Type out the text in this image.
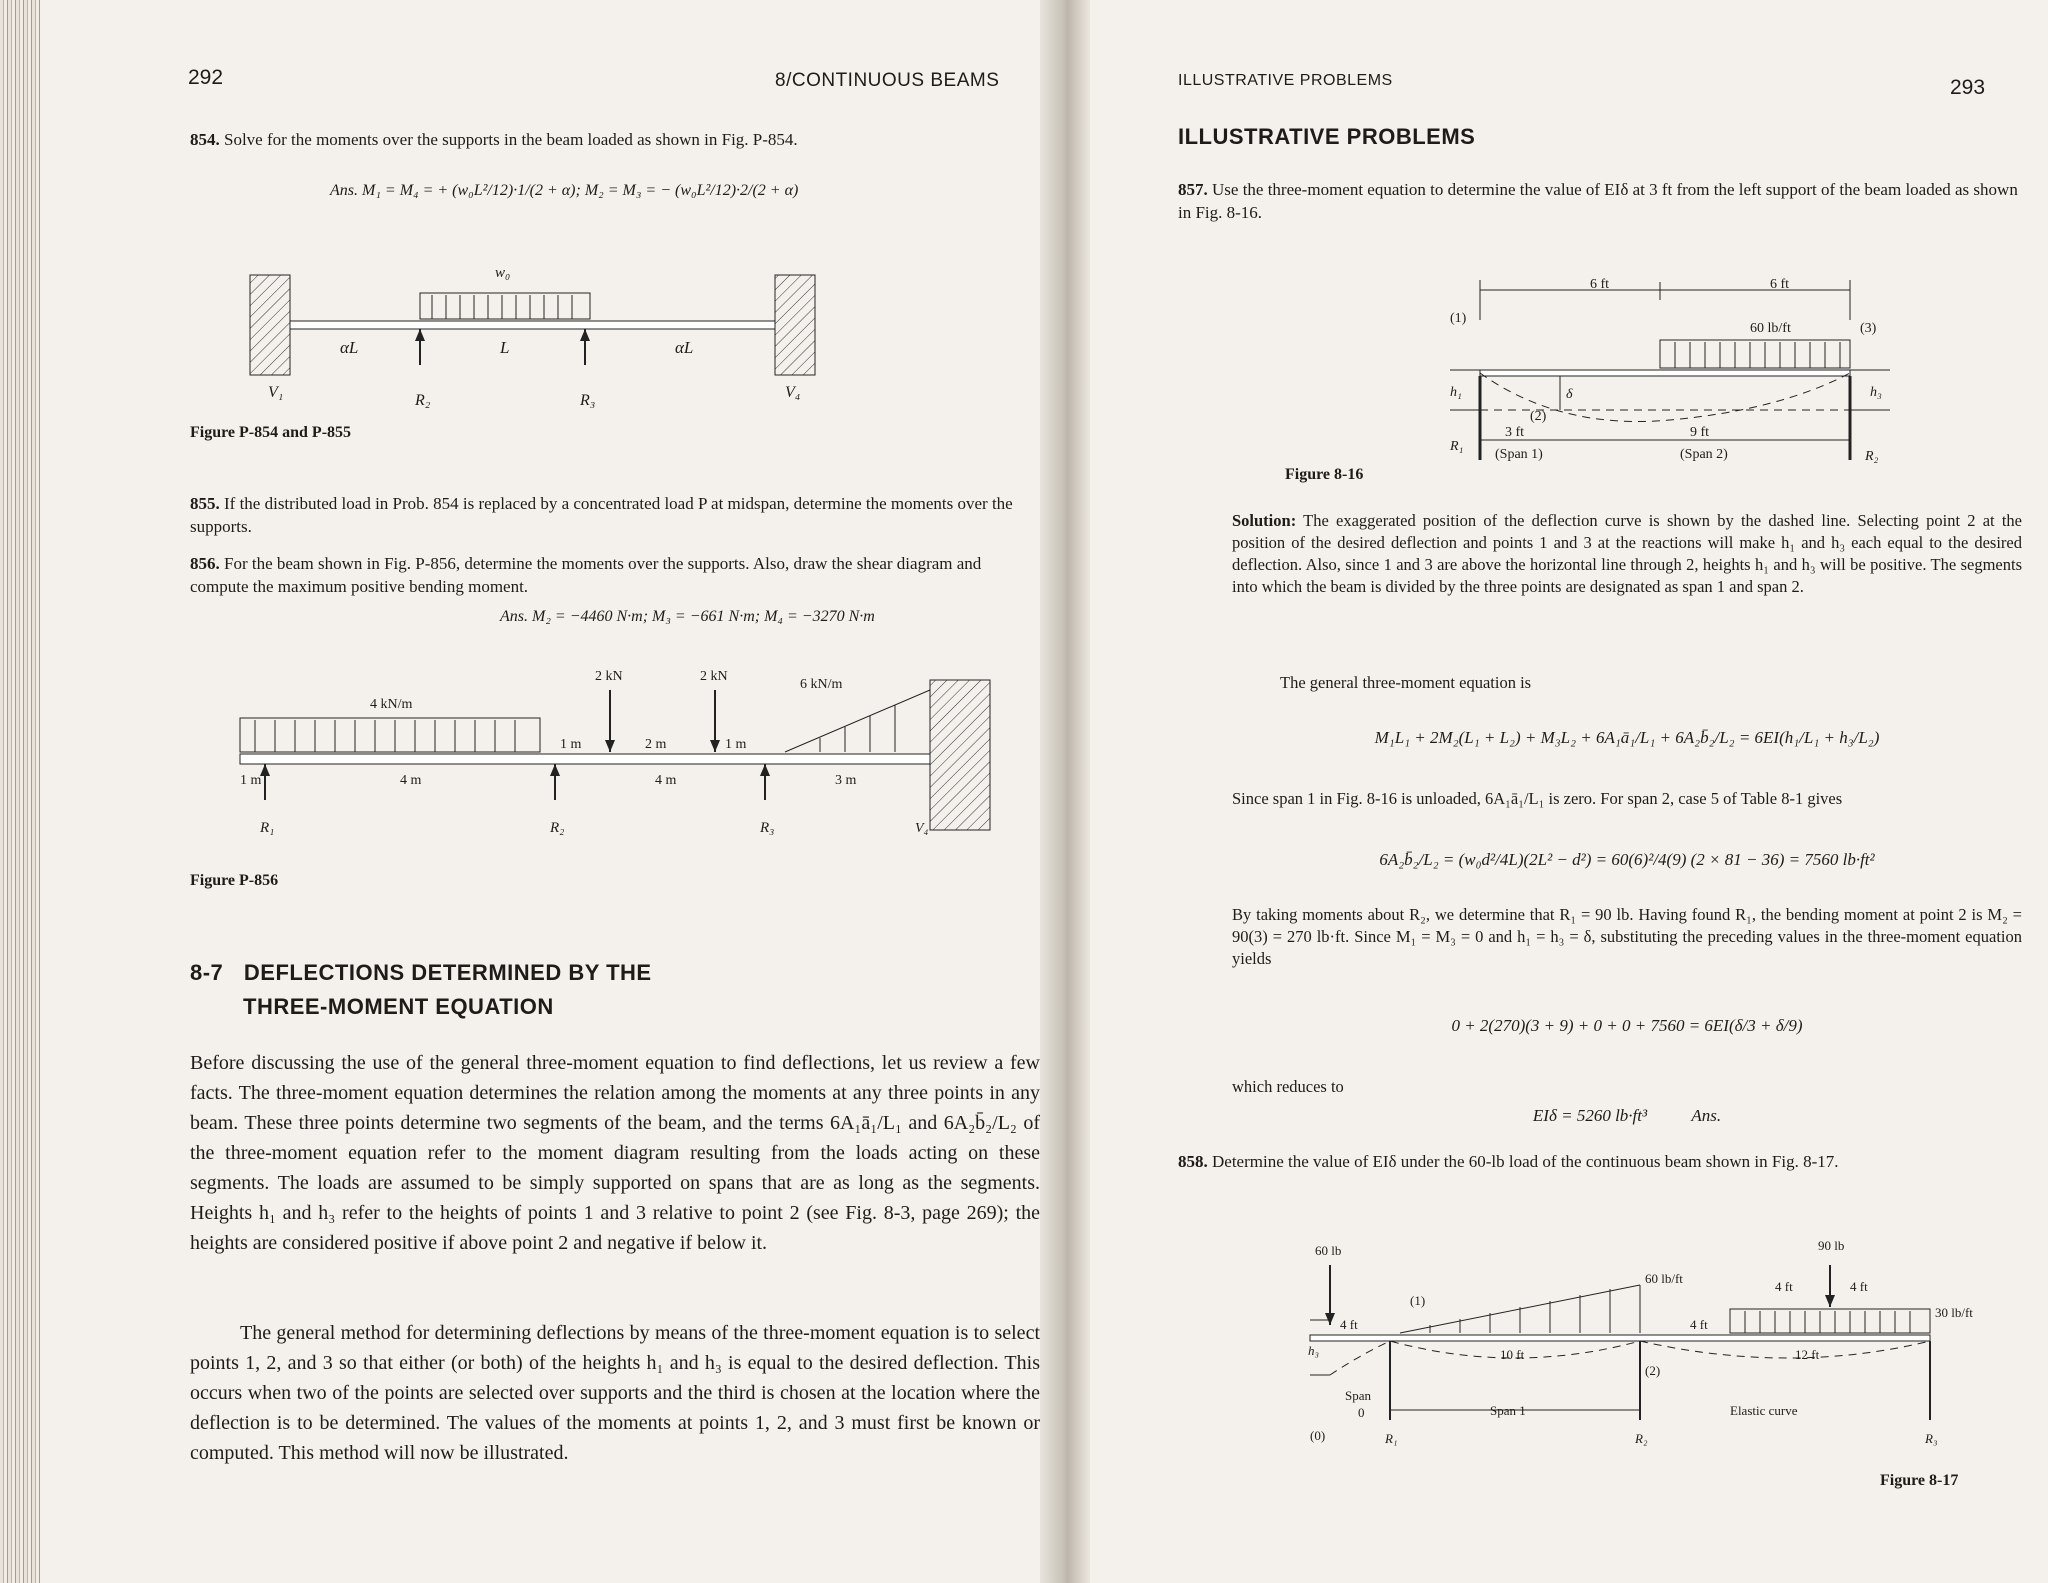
292	8/CONTINUOUS BEAMS
854. Solve for the moments over the supports in the beam loaded as shown in Fig. P-854.
Ans. M₁ = M₄ = + (w₀L²/12)·1/(2 + α); M₂ = M₃ = − (w₀L²/12)·2/(2 + α)
w₀
αL	L	αL
V₁	R₂	R₃	V₄
Figure P-854 and P-855
855. If the distributed load in Prob. 854 is replaced by a concentrated load P at midspan, determine the moments over the supports.
856. For the beam shown in Fig. P-856, determine the moments over the supports. Also, draw the shear diagram and compute the maximum positive bending moment.
Ans. M₂ = −4460 N·m; M₃ = −661 N·m; M₄ = −3270 N·m
4 kN/m
2 kN	2 kN
6 kN/m
1 m	2 m	1 m
1 m	4 m	4 m	3 m
R₁	R₂	R₃	V₄
Figure P-856
8-7 DEFLECTIONS DETERMINED BY THE
THREE-MOMENT EQUATION
Before discussing the use of the general three-moment equation to find deflections, let us review a few facts. The three-moment equation determines the relation among the moments at any three points in any beam. These three points determine two segments of the beam, and the terms 6A₁ā₁/L₁ and 6A₂b̄₂/L₂ of the three-moment equation refer to the moment diagram resulting from the loads acting on these segments. The loads are assumed to be simply supported on spans that are as long as the segments. Heights h₁ and h₃ refer to the heights of points 1 and 3 relative to point 2 (see Fig. 8-3, page 269); the heights are considered positive if above point 2 and negative if below it.
The general method for determining deflections by means of the three-moment equation is to select points 1, 2, and 3 so that either (or both) of the heights h₁ and h₃ is equal to the desired deflection. This occurs when two of the points are selected over supports and the third is chosen at the location where the deflection is to be determined. The values of the moments at points 1, 2, and 3 must first be known or computed. This method will now be illustrated.
ILLUSTRATIVE PROBLEMS	293
ILLUSTRATIVE PROBLEMS
857. Use the three-moment equation to determine the value of EIδ at 3 ft from the left support of the beam loaded as shown in Fig. 8-16.
6 ft	6 ft
60 lb/ft
(1)
(2)
(3)
h₁	h₃
δ
3 ft	9 ft
(Span 1)	(Span 2)
R₁
R₂
Figure 8-16
Solution: The exaggerated position of the deflection curve is shown by the dashed line. Selecting point 2 at the position of the desired deflection and points 1 and 3 at the reactions will make h₁ and h₃ each equal to the desired deflection. Also, since 1 and 3 are above the horizontal line through 2, heights h₁ and h₃ will be positive. The segments into which the beam is divided by the three points are designated as span 1 and span 2.
The general three-moment equation is
M₁L₁ + 2M₂(L₁ + L₂) + M₃L₂ + 6A₁ā₁/L₁ + 6A₂b̄₂/L₂ = 6EI(h₁/L₁ + h₃/L₂)
Since span 1 in Fig. 8-16 is unloaded, 6A₁ā₁/L₁ is zero. For span 2, case 5 of Table 8-1 gives
6A₂b̄₂/L₂ = (w₀d²/4L)(2L² − d²) = 60(6)²/4(9) (2 × 81 − 36) = 7560 lb·ft²
By taking moments about R₂, we determine that R₁ = 90 lb. Having found R₁, the bending moment at point 2 is M₂ = 90(3) = 270 lb·ft. Since M₁ = M₃ = 0 and h₁ = h₃ = δ, substituting the preceding values in the three-moment equation yields
0 + 2(270)(3 + 9) + 0 + 0 + 7560 = 6EI(δ/3 + δ/9)
which reduces to
EIδ = 5260 lb·ft³	Ans.
858. Determine the value of EIδ under the 60-lb load of the continuous beam shown in Fig. 8-17.
90 lb
60 lb
60 lb/ft
4 ft	4 ft
30 lb/ft
(1)
4 ft	4 ft
10 ft	12 ft
h₃
Span
0	Span 1
(2)
Elastic curve
(0)	R₁	R₂	R₃
Figure 8-17
